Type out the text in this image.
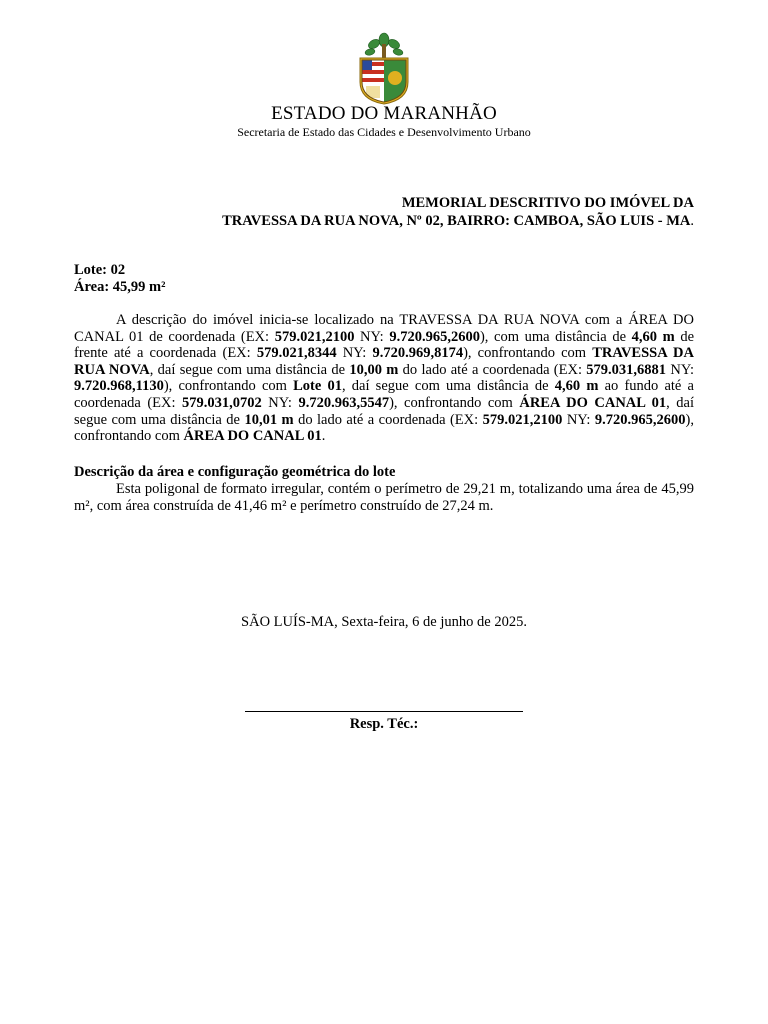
ESTADO DO MARANHÃO
Secretaria de Estado das Cidades e Desenvolvimento Urbano
MEMORIAL DESCRITIVO DO IMÓVEL DA
TRAVESSA DA RUA NOVA, Nº 02, BAIRRO: CAMBOA, SÃO LUIS - MA.
Lote: 02
Área: 45,99 m²

A descrição do imóvel inicia-se localizado na TRAVESSA DA RUA NOVA com a ÁREA DO CANAL 01 de coordenada (EX: 579.021,2100 NY: 9.720.965,2600), com uma distância de 4,60 m de frente até a coordenada (EX: 579.021,8344 NY: 9.720.969,8174), confrontando com TRAVESSA DA RUA NOVA, daí segue com uma distância de 10,00 m do lado até a coordenada (EX: 579.031,6881 NY: 9.720.968,1130), confrontando com Lote 01, daí segue com uma distância de 4,60 m ao fundo até a coordenada (EX: 579.031,0702 NY: 9.720.963,5547), confrontando com ÁREA DO CANAL 01, daí segue com uma distância de 10,01 m do lado até a coordenada (EX: 579.021,2100 NY: 9.720.965,2600), confrontando com ÁREA DO CANAL 01.

Descrição da área e configuração geométrica do lote
Esta poligonal de formato irregular, contém o perímetro de 29,21 m, totalizando uma área de 45,99 m², com área construída de 41,46 m² e perímetro construído de 27,24 m.
SÃO LUÍS-MA, Sexta-feira, 6 de junho de 2025.
Resp. Téc.:
